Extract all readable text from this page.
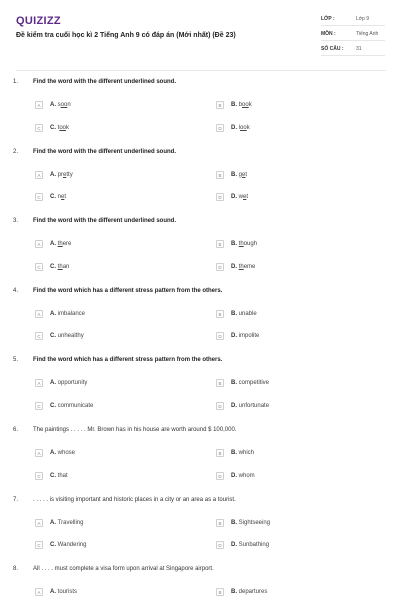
QUIZIZZ
Đề kiểm tra cuối học kì 2 Tiếng Anh 9 có đáp án (Mới nhất) (Đề 23)
LỚP :	Lớp 9
MÔN :	Tiếng Anh
SỐ CÂU :	31
1. Find the word with the different underlined sound.
A	A. soon	B	B. book
C	C. took	D	D. look
2. Find the word with the different underlined sound.
A	A. pretty	B	B. get
C	C. net	D	D. wet
3. Find the word with the different underlined sound.
A	A. there	B	B. though
C	C. than	D	D. theme
4. Find the word which has a different stress pattern from the others.
A	A. imbalance	B	B. unable
C	C. unhealthy	D	D. impolite
5. Find the word which has a different stress pattern from the others.
A	A. opportunity	B	B. competitive
C	C. communicate	D	D. unfortunate
6. The paintings . . . . . Mr. Brown has in his house are worth around $ 100,000.
A	A. whose	B	B. which
C	C. that	D	D. whom
7. . . . . . is visiting important and historic places in a city or an area as a tourist.
A	A. Travelling	B	B. Sightseeing
C	C. Wandering	D	D. Sunbathing
8. All . . . . must complete a visa form upon arrival at Singapore airport.
A	A. tourists	B	B. departures
